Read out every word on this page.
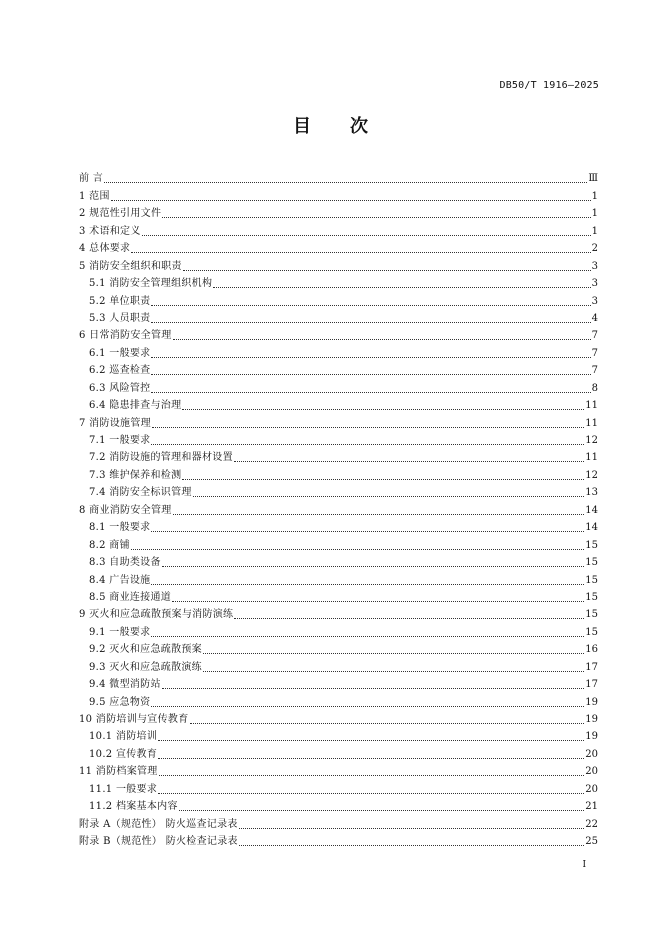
DB50/T 1916—2025
目 次
前 言	Ⅲ
1 范围	1
2 规范性引用文件	1
3 术语和定义	1
4 总体要求	2
5 消防安全组织和职责	3
5.1 消防安全管理组织机构	3
5.2 单位职责	3
5.3 人员职责	4
6 日常消防安全管理	7
6.1 一般要求	7
6.2 巡查检查	7
6.3 风险管控	8
6.4 隐患排查与治理	11
7 消防设施管理	11
7.1 一般要求	12
7.2 消防设施的管理和器材设置	11
7.3 维护保养和检测	12
7.4 消防安全标识管理	13
8 商业消防安全管理	14
8.1 一般要求	14
8.2 商铺	15
8.3 自助类设备	15
8.4 广告设施	15
8.5 商业连接通道	15
9 灭火和应急疏散预案与消防演练	15
9.1 一般要求	15
9.2 灭火和应急疏散预案	16
9.3 灭火和应急疏散演练	17
9.4 微型消防站	17
9.5 应急物资	19
10 消防培训与宣传教育	19
10.1 消防培训	19
10.2 宣传教育	20
11 消防档案管理	20
11.1 一般要求	20
11.2 档案基本内容	21
附录 A（规范性） 防火巡查记录表	22
附录 B（规范性） 防火检查记录表	25
I
